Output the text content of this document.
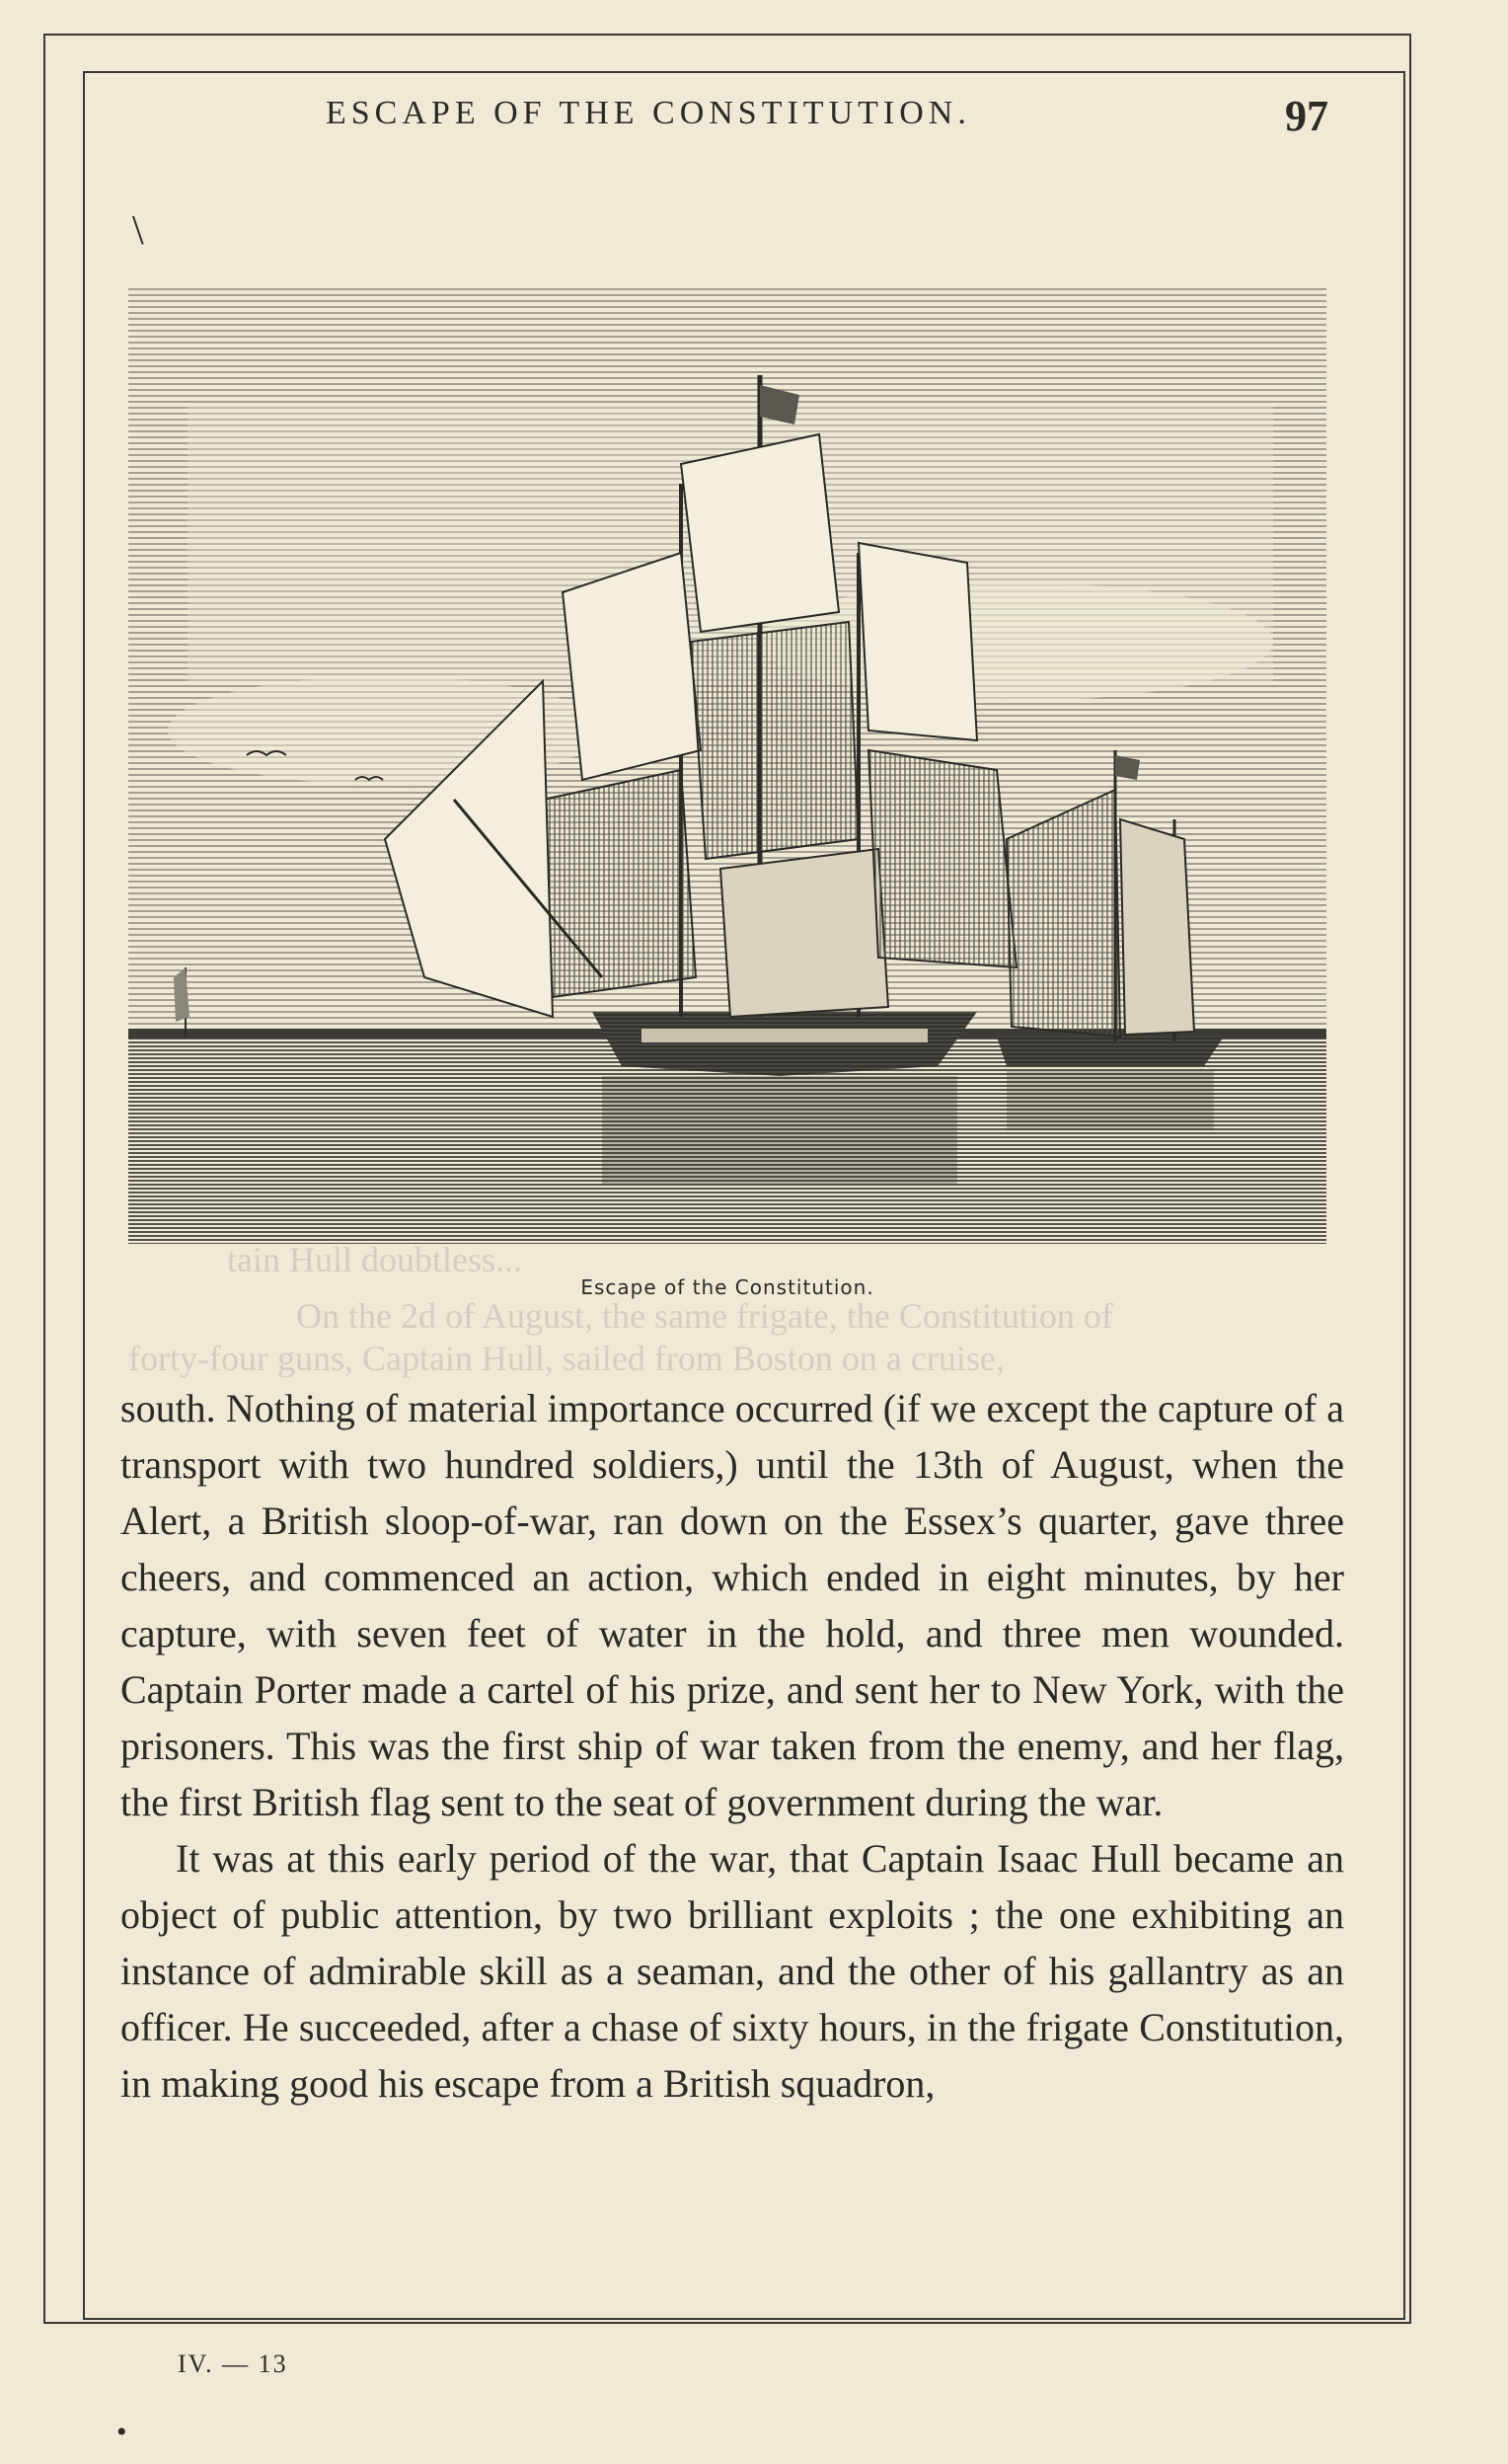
ESCAPE OF THE CONSTITUTION.	97
\
Escape of the Constitution.
tain Hull doubtless...
On the 2d of August, the same frigate, the Constitution of
forty-four guns, Captain Hull, sailed from Boston on a cruise,

south. Nothing of material importance occurred (if we except the capture of a transport with two hundred soldiers,) until the 13th of August, when the Alert, a British sloop-of-war, ran down on the Essex’s quarter, gave three cheers, and commenced an action, which ended in eight minutes, by her capture, with seven feet of water in the hold, and three men wounded. Captain Porter made a cartel of his prize, and sent her to New York, with the prisoners. This was the first ship of war taken from the enemy, and her flag, the first British flag sent to the seat of government during the war.

It was at this early period of the war, that Captain Isaac Hull became an object of public attention, by two brilliant exploits ; the one exhibiting an instance of admirable skill as a seaman, and the other of his gallantry as an officer. He succeeded, after a chase of sixty hours, in the frigate Constitution, in making good his escape from a British squadron,

IV. — 13
•
